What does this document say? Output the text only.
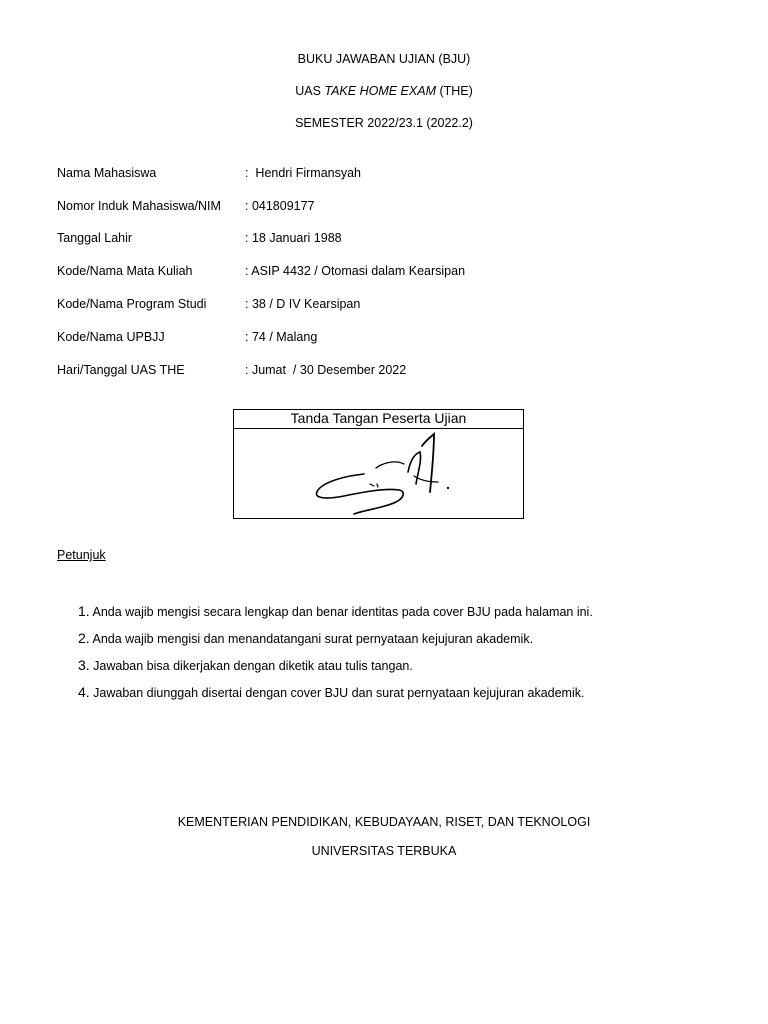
BUKU JAWABAN UJIAN (BJU)
UAS TAKE HOME EXAM (THE)
SEMESTER 2022/23.1 (2022.2)
Nama Mahasiswa	:  Hendri Firmansyah
Nomor Induk Mahasiswa/NIM : 041809177
Tanggal Lahir	: 18 Januari 1988
Kode/Nama Mata Kuliah	: ASIP 4432 / Otomasi dalam Kearsipan
Kode/Nama Program Studi	: 38 / D IV Kearsipan
Kode/Nama UPBJJ	: 74 / Malang
Hari/Tanggal UAS THE	: Jumat  / 30 Desember 2022
Tanda Tangan Peserta Ujian
Petunjuk
1. Anda wajib mengisi secara lengkap dan benar identitas pada cover BJU pada halaman ini.
2. Anda wajib mengisi dan menandatangani surat pernyataan kejujuran akademik.
3. Jawaban bisa dikerjakan dengan diketik atau tulis tangan.
4. Jawaban diunggah disertai dengan cover BJU dan surat pernyataan kejujuran akademik.
KEMENTERIAN PENDIDIKAN, KEBUDAYAAN, RISET, DAN TEKNOLOGI
UNIVERSITAS TERBUKA
